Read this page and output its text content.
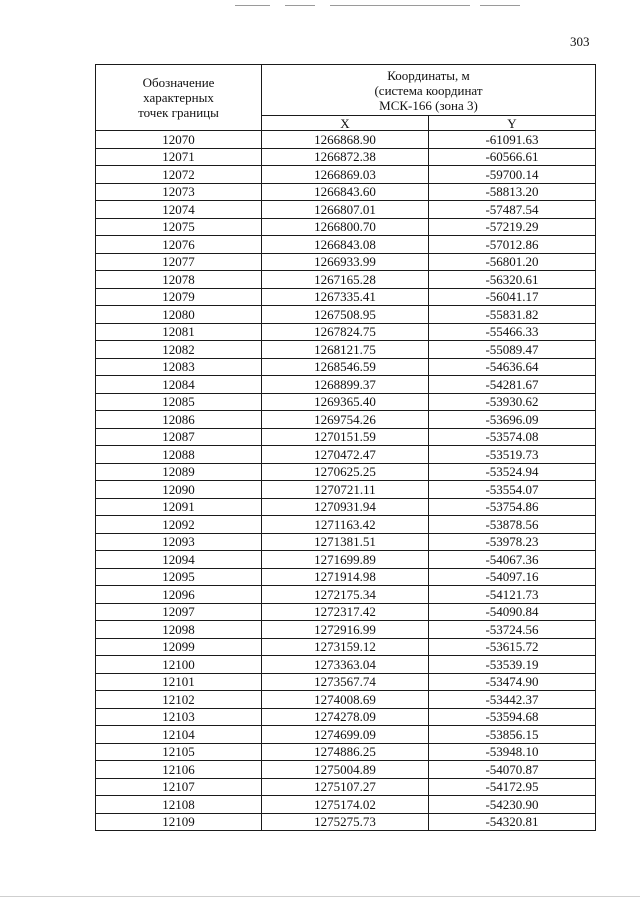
303
Обозначение
характерных
точек границы	Координаты, м
(система координат
МСК-166 (зона 3)	

	X	Y
12070	1266868.90	-61091.63
12071	1266872.38	-60566.61
12072	1266869.03	-59700.14
12073	1266843.60	-58813.20
12074	1266807.01	-57487.54
12075	1266800.70	-57219.29
12076	1266843.08	-57012.86
12077	1266933.99	-56801.20
12078	1267165.28	-56320.61
12079	1267335.41	-56041.17
12080	1267508.95	-55831.82
12081	1267824.75	-55466.33
12082	1268121.75	-55089.47
12083	1268546.59	-54636.64
12084	1268899.37	-54281.67
12085	1269365.40	-53930.62
12086	1269754.26	-53696.09
12087	1270151.59	-53574.08
12088	1270472.47	-53519.73
12089	1270625.25	-53524.94
12090	1270721.11	-53554.07
12091	1270931.94	-53754.86
12092	1271163.42	-53878.56
12093	1271381.51	-53978.23
12094	1271699.89	-54067.36
12095	1271914.98	-54097.16
12096	1272175.34	-54121.73
12097	1272317.42	-54090.84
12098	1272916.99	-53724.56
12099	1273159.12	-53615.72
12100	1273363.04	-53539.19
12101	1273567.74	-53474.90
12102	1274008.69	-53442.37
12103	1274278.09	-53594.68
12104	1274699.09	-53856.15
12105	1274886.25	-53948.10
12106	1275004.89	-54070.87
12107	1275107.27	-54172.95
12108	1275174.02	-54230.90
12109	1275275.73	-54320.81
